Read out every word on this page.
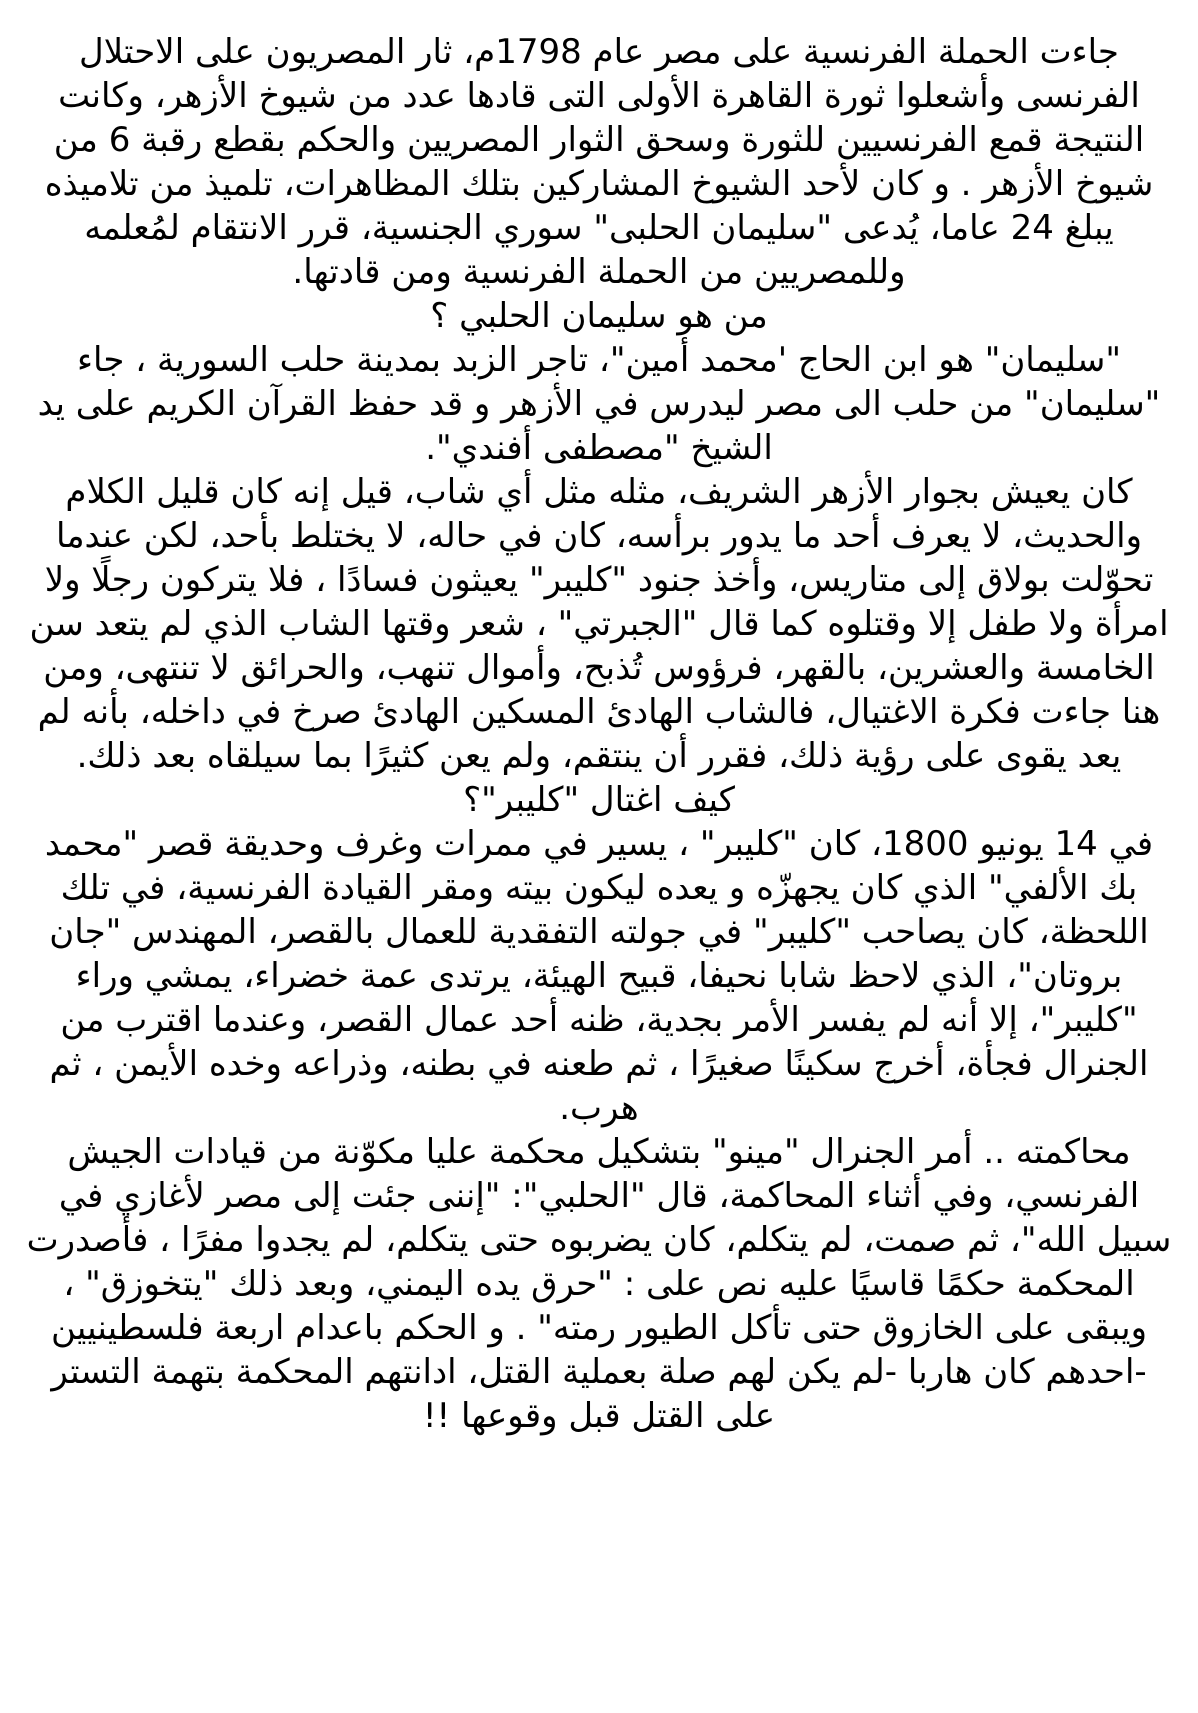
جاءت الحملة الفرنسية على مصر عام 1798م، ثار المصريون على الاحتلال الفرنسى وأشعلوا ثورة القاهرة الأولى التى قادها عدد من شيوخ الأزهر، وكانت النتيجة قمع الفرنسيين للثورة وسحق الثوار المصريين والحكم بقطع رقبة 6 من شيوخ الأزهر . و كان لأحد الشيوخ المشاركين بتلك المظاهرات، تلميذ من تلاميذه يبلغ 24 عاما، يُدعى "سليمان الحلبى" سوري الجنسية، قرر الانتقام لمُعلمه وللمصريين من الحملة الفرنسية ومن قادتها.

من هو سليمان الحلبي ؟

"سليمان" هو ابن الحاج 'محمد أمين"، تاجر الزبد بمدينة حلب السورية ، جاء "سليمان" من حلب الى مصر ليدرس في الأزهر و قد حفظ القرآن الكريم على يد الشيخ "مصطفى أفندي".

كان يعيش بجوار الأزهر الشريف، مثله مثل أي شاب، قيل إنه كان قليل الكلام والحديث، لا يعرف أحد ما يدور برأسه، كان في حاله، لا يختلط بأحد، لكن عندما تحوّلت بولاق إلى متاريس، وأخذ جنود "كليبر" يعيثون فسادًا ، فلا يتركون رجلًا ولا امرأة ولا طفل إلا وقتلوه كما قال "الجبرتي" ، شعر وقتها الشاب الذي لم يتعد سن الخامسة والعشرين، بالقهر، فرؤوس تُذبح، وأموال تنهب، والحرائق لا تنتهى، ومن هنا جاءت فكرة الاغتيال، فالشاب الهادئ المسكين الهادئ صرخ في داخله، بأنه لم يعد يقوى على رؤية ذلك، فقرر أن ينتقم، ولم يعن كثيرًا بما سيلقاه بعد ذلك.

كيف اغتال "كليبر"؟

في 14 يونيو 1800، كان "كليبر" ، يسير في ممرات وغرف وحديقة قصر "محمد بك الألفي" الذي كان يجهزّه و يعده ليكون بيته ومقر القيادة الفرنسية، في تلك اللحظة، كان يصاحب "كليبر" في جولته التفقدية للعمال بالقصر، المهندس "جان بروتان"، الذي لاحظ شابا نحيفا، قبيح الهيئة، يرتدى عمة خضراء، يمشي وراء "كليبر"، إلا أنه لم يفسر الأمر بجدية، ظنه أحد عمال القصر، وعندما اقترب من الجنرال فجأة، أخرج سكينًا صغيرًا ، ثم طعنه في بطنه، وذراعه وخده الأيمن ، ثم هرب.

محاكمته .. أمر الجنرال "مينو" بتشكيل محكمة عليا مكوّنة من قيادات الجيش الفرنسي، وفي أثناء المحاكمة، قال "الحلبي": "إننى جئت إلى مصر لأغازي في سبيل الله"، ثم صمت، لم يتكلم، كان يضربوه حتى يتكلم، لم يجدوا مفرًا ، فأصدرت المحكمة حكمًا قاسيًا عليه نص على : "حرق يده اليمني، وبعد ذلك "يتخوزق" ، ويبقى على الخازوق حتى تأكل الطيور رمته" . و الحكم باعدام اربعة فلسطينيين -احدهم كان هاربا -لم يكن لهم صلة بعملية القتل، ادانتهم المحكمة بتهمة التستر على القتل قبل وقوعها !!
